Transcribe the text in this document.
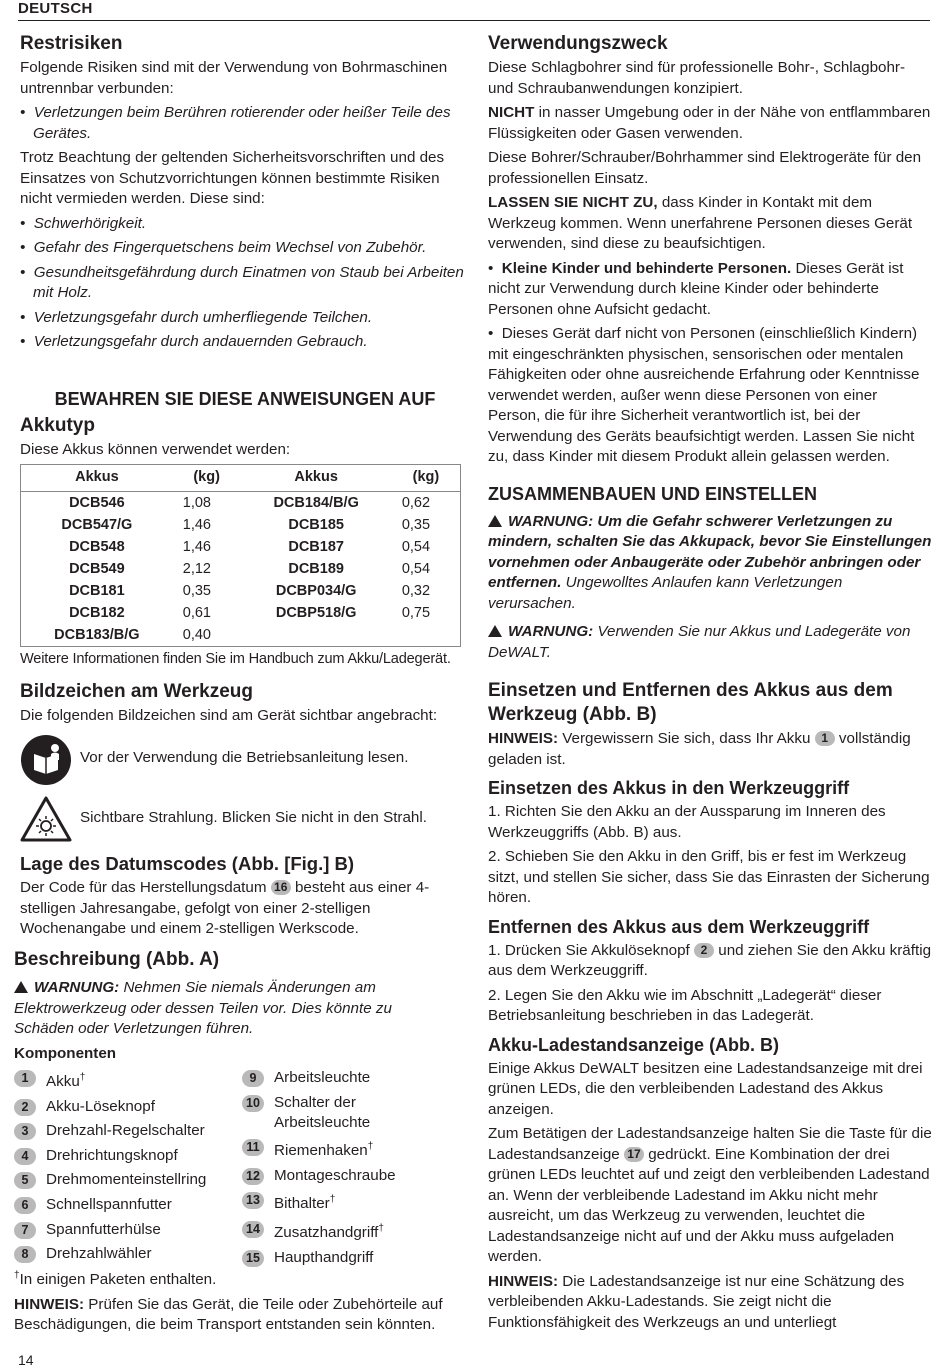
DEUTSCH
Restrisiken

Folgende Risiken sind mit der Verwendung von Bohrmaschinen untrennbar verbunden:

•  Verletzungen beim Berühren rotierender oder heißer Teile des Gerätes.

Trotz Beachtung der geltenden Sicherheitsvorschriften und des Einsatzes von Schutzvorrichtungen können bestimmte Risiken nicht vermieden werden. Diese sind:

•  Schwerhörigkeit.

•  Gefahr des Fingerquetschens beim Wechsel von Zubehör.

•  Gesundheitsgefährdung durch Einatmen von Staub bei Arbeiten mit Holz.

•  Verletzungsgefahr durch umherfliegende Teilchen.

•  Verletzungsgefahr durch andauernden Gebrauch.

BEWAHREN SIE DIESE ANWEISUNGEN AUF
Akkutyp

Diese Akkus können verwendet werden:

Akkus	(kg)	Akkus	(kg)
DCB546	1,08	DCB184/B/G	0,62
DCB547/G	1,46	DCB185	0,35
DCB548	1,46	DCB187	0,54
DCB549	2,12	DCB189	0,54
DCB181	0,35	DCBP034/G	0,32
DCB182	0,61	DCBP518/G	0,75
DCB183/B/G	0,40		

Weitere Informationen finden Sie im Handbuch zum Akku/Ladegerät.

Bildzeichen am Werkzeug

Die folgenden Bildzeichen sind am Gerät sichtbar angebracht:

Vor der Verwendung die Betriebsanleitung lesen.

Sichtbare Strahlung. Blicken Sie nicht in den Strahl.

Lage des Datumscodes (Abb. [Fig.] B)

Der Code für das Herstellungsdatum 16 besteht aus einer 4-stelligen Jahresangabe, gefolgt von einer 2-stelligen Wochenangabe und einem 2-stelligen Werkscode.

Beschreibung (Abb. A)

WARNUNG: Nehmen Sie niemals Änderungen am Elektrowerkzeug oder dessen Teilen vor. Dies könnte zu Schäden oder Verletzungen führen.

Komponenten

1	Akku†
2	Akku-Löseknopf
3	Drehzahl-Regelschalter
4	Drehrichtungsknopf
5	Drehmomenteinstellring
6	Schnellspannfutter
7	Spannfutterhülse
8	Drehzahlwähler
9	Arbeitsleuchte
10 Schalter der Arbeitsleuchte
11 Riemenhaken†
12 Montageschraube
13 Bithalter†
14 Zusatzhandgriff†
15 Haupthandgriff

†In einigen Paketen enthalten.

HINWEIS: Prüfen Sie das Gerät, die Teile oder Zubehörteile auf Beschädigungen, die beim Transport entstanden sein könnten.

Verwendungszweck

Diese Schlagbohrer sind für professionelle Bohr-, Schlagbohr- und Schraubanwendungen konzipiert.

NICHT in nasser Umgebung oder in der Nähe von entflammbaren Flüssigkeiten oder Gasen verwenden.

Diese Bohrer/Schrauber/Bohrhammer sind Elektrogeräte für den professionellen Einsatz.

LASSEN SIE NICHT ZU, dass Kinder in Kontakt mit dem Werkzeug kommen. Wenn unerfahrene Personen dieses Gerät verwenden, sind diese zu beaufsichtigen.

•  Kleine Kinder und behinderte Personen. Dieses Gerät ist nicht zur Verwendung durch kleine Kinder oder behinderte Personen ohne Aufsicht gedacht.

•  Dieses Gerät darf nicht von Personen (einschließlich Kindern) mit eingeschränkten physischen, sensorischen oder mentalen Fähigkeiten oder ohne ausreichende Erfahrung oder Kenntnisse verwendet werden, außer wenn diese Personen von einer Person, die für ihre Sicherheit verantwortlich ist, bei der Verwendung des Geräts beaufsichtigt werden. Lassen Sie nicht zu, dass Kinder mit diesem Produkt allein gelassen werden.

ZUSAMMENBAUEN UND EINSTELLEN

WARNUNG: Um die Gefahr schwerer Verletzungen zu mindern, schalten Sie das Akkupack, bevor Sie Einstellungen vornehmen oder Anbaugeräte oder Zubehör anbringen oder entfernen. Ungewolltes Anlaufen kann Verletzungen verursachen.

WARNUNG: Verwenden Sie nur Akkus und Ladegeräte von DeWALT.

Einsetzen und Entfernen des Akkus aus dem Werkzeug (Abb. B)

HINWEIS: Vergewissern Sie sich, dass Ihr Akku 1 vollständig geladen ist.

Einsetzen des Akkus in den Werkzeuggriff

1. Richten Sie den Akku an der Aussparung im Inneren des Werkzeuggriffs (Abb. B) aus.

2. Schieben Sie den Akku in den Griff, bis er fest im Werkzeug sitzt, und stellen Sie sicher, dass Sie das Einrasten der Sicherung hören.

Entfernen des Akkus aus dem Werkzeuggriff

1. Drücken Sie Akkulöseknopf 2 und ziehen Sie den Akku kräftig aus dem Werkzeuggriff.

2. Legen Sie den Akku wie im Abschnitt „Ladegerät“ dieser Betriebsanleitung beschrieben in das Ladegerät.

Akku-Ladestandsanzeige (Abb. B)

Einige Akkus DeWALT besitzen eine Ladestandsanzeige mit drei grünen LEDs, die den verbleibenden Ladestand des Akkus anzeigen.

Zum Betätigen der Ladestandsanzeige halten Sie die Taste für die Ladestandsanzeige 17 gedrückt. Eine Kombination der drei grünen LEDs leuchtet auf und zeigt den verbleibenden Ladestand an. Wenn der verbleibende Ladestand im Akku nicht mehr ausreicht, um das Werkzeug zu verwenden, leuchtet die Ladestandsanzeige nicht auf und der Akku muss aufgeladen werden.

HINWEIS: Die Ladestandsanzeige ist nur eine Schätzung des verbleibenden Akku-Ladestands. Sie zeigt nicht die Funktionsfähigkeit des Werkzeugs an und unterliegt

14
